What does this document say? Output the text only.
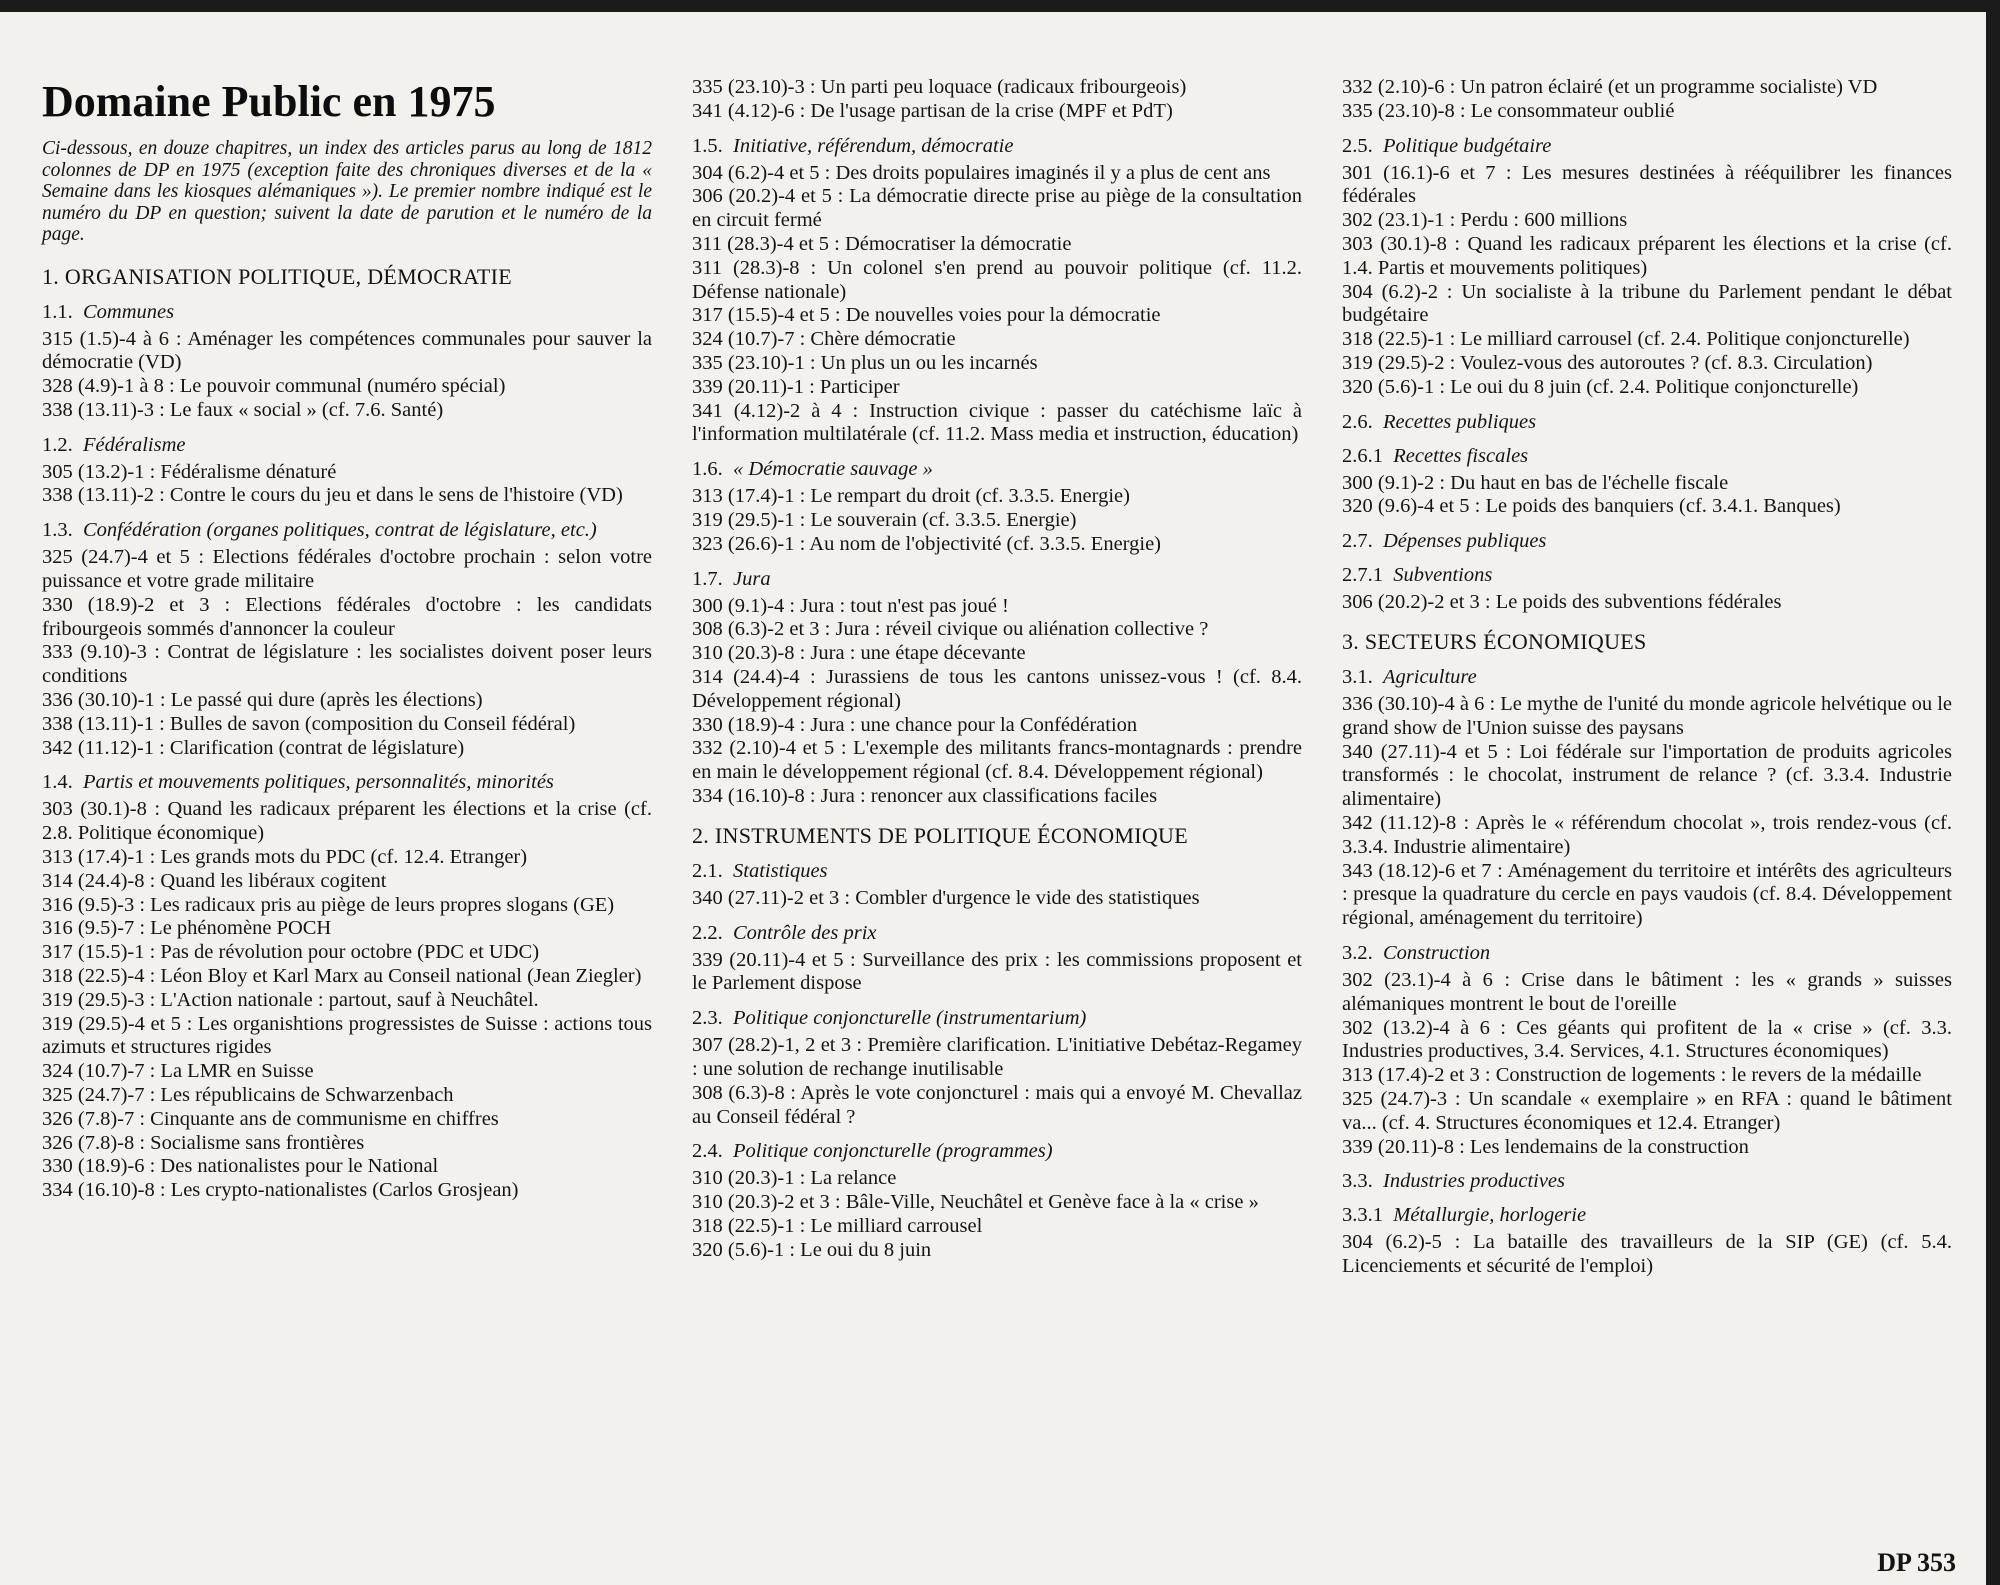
Domaine Public en 1975

Ci-dessous, en douze chapitres, un index des articles parus au long de 1812 colonnes de DP en 1975 (exception faite des chroniques diverses et de la « Semaine dans les kiosques alémaniques »). Le premier nombre indiqué est le numéro du DP en question; suivent la date de parution et le numéro de la page.

1. ORGANISATION POLITIQUE, DÉMOCRATIE
1.1.  Communes

315 (1.5)-4 à 6 : Aménager les compétences communales pour sauver la démocratie (VD)

328 (4.9)-1 à 8 : Le pouvoir communal (numéro spécial)

338 (13.11)-3 : Le faux « social » (cf. 7.6. Santé)

1.2.  Fédéralisme

305 (13.2)-1 : Fédéralisme dénaturé

338 (13.11)-2 : Contre le cours du jeu et dans le sens de l'histoire (VD)

1.3.  Confédération (organes politiques, contrat de législature, etc.)

325 (24.7)-4 et 5 : Elections fédérales d'octobre prochain : selon votre puissance et votre grade militaire

330 (18.9)-2 et 3 : Elections fédérales d'octobre : les candidats fribourgeois sommés d'annoncer la couleur

333 (9.10)-3 : Contrat de législature : les socialistes doivent poser leurs conditions

336 (30.10)-1 : Le passé qui dure (après les élections)

338 (13.11)-1 : Bulles de savon (composition du Conseil fédéral)

342 (11.12)-1 : Clarification (contrat de législature)

1.4.  Partis et mouvements politiques, personnalités, minorités

303 (30.1)-8 : Quand les radicaux préparent les élections et la crise (cf. 2.8. Politique économique)

313 (17.4)-1 : Les grands mots du PDC (cf. 12.4. Etranger)

314 (24.4)-8 : Quand les libéraux cogitent

316 (9.5)-3 : Les radicaux pris au piège de leurs propres slogans (GE)

316 (9.5)-7 : Le phénomène POCH

317 (15.5)-1 : Pas de révolution pour octobre (PDC et UDC)

318 (22.5)-4 : Léon Bloy et Karl Marx au Conseil national (Jean Ziegler)

319 (29.5)-3 : L'Action nationale : partout, sauf à Neuchâtel.

319 (29.5)-4 et 5 : Les organishtions progressistes de Suisse : actions tous azimuts et structures rigides

324 (10.7)-7 : La LMR en Suisse

325 (24.7)-7 : Les républicains de Schwarzenbach

326 (7.8)-7 : Cinquante ans de communisme en chiffres

326 (7.8)-8 : Socialisme sans frontières

330 (18.9)-6 : Des nationalistes pour le National

334 (16.10)-8 : Les crypto-nationalistes (Carlos Grosjean)

335 (23.10)-3 : Un parti peu loquace (radicaux fribourgeois)

341 (4.12)-6 : De l'usage partisan de la crise (MPF et PdT)

1.5.  Initiative, référendum, démocratie

304 (6.2)-4 et 5 : Des droits populaires imaginés il y a plus de cent ans

306 (20.2)-4 et 5 : La démocratie directe prise au piège de la consultation en circuit fermé

311 (28.3)-4 et 5 : Démocratiser la démocratie

311 (28.3)-8 : Un colonel s'en prend au pouvoir politique (cf. 11.2. Défense nationale)

317 (15.5)-4 et 5 : De nouvelles voies pour la démocratie

324 (10.7)-7 : Chère démocratie

335 (23.10)-1 : Un plus un ou les incarnés

339 (20.11)-1 : Participer

341 (4.12)-2 à 4 : Instruction civique : passer du catéchisme laïc à l'information multilatérale (cf. 11.2. Mass media et instruction, éducation)

1.6.  « Démocratie sauvage »

313 (17.4)-1 : Le rempart du droit (cf. 3.3.5. Energie)

319 (29.5)-1 : Le souverain (cf. 3.3.5. Energie)

323 (26.6)-1 : Au nom de l'objectivité (cf. 3.3.5. Energie)

1.7.  Jura

300 (9.1)-4 : Jura : tout n'est pas joué !

308 (6.3)-2 et 3 : Jura : réveil civique ou aliénation collective ?

310 (20.3)-8 : Jura : une étape décevante

314 (24.4)-4 : Jurassiens de tous les cantons unissez-vous ! (cf. 8.4. Développement régional)

330 (18.9)-4 : Jura : une chance pour la Confédération

332 (2.10)-4 et 5 : L'exemple des militants francs-montagnards : prendre en main le développement régional (cf. 8.4. Développement régional)

334 (16.10)-8 : Jura : renoncer aux classifications faciles

2. INSTRUMENTS DE POLITIQUE ÉCONOMIQUE
2.1.  Statistiques

340 (27.11)-2 et 3 : Combler d'urgence le vide des statistiques

2.2.  Contrôle des prix

339 (20.11)-4 et 5 : Surveillance des prix : les commissions proposent et le Parlement dispose

2.3.  Politique conjoncturelle (instrumentarium)

307 (28.2)-1, 2 et 3 : Première clarification. L'initiative Debétaz-Regamey : une solution de rechange inutilisable

308 (6.3)-8 : Après le vote conjoncturel : mais qui a envoyé M. Chevallaz au Conseil fédéral ?

2.4.  Politique conjoncturelle (programmes)

310 (20.3)-1 : La relance

310 (20.3)-2 et 3 : Bâle-Ville, Neuchâtel et Genève face à la « crise »

318 (22.5)-1 : Le milliard carrousel

320 (5.6)-1 : Le oui du 8 juin

332 (2.10)-6 : Un patron éclairé (et un programme socialiste) VD

335 (23.10)-8 : Le consommateur oublié

2.5.  Politique budgétaire

301 (16.1)-6 et 7 : Les mesures destinées à rééquilibrer les finances fédérales

302 (23.1)-1 : Perdu : 600 millions

303 (30.1)-8 : Quand les radicaux préparent les élections et la crise (cf. 1.4. Partis et mouvements politiques)

304 (6.2)-2 : Un socialiste à la tribune du Parlement pendant le débat budgétaire

318 (22.5)-1 : Le milliard carrousel (cf. 2.4. Politique conjoncturelle)

319 (29.5)-2 : Voulez-vous des autoroutes ? (cf. 8.3. Circulation)

320 (5.6)-1 : Le oui du 8 juin (cf. 2.4. Politique conjoncturelle)

2.6.  Recettes publiques
2.6.1  Recettes fiscales

300 (9.1)-2 : Du haut en bas de l'échelle fiscale

320 (9.6)-4 et 5 : Le poids des banquiers (cf. 3.4.1. Banques)

2.7.  Dépenses publiques
2.7.1  Subventions

306 (20.2)-2 et 3 : Le poids des subventions fédérales

3. SECTEURS ÉCONOMIQUES
3.1.  Agriculture

336 (30.10)-4 à 6 : Le mythe de l'unité du monde agricole helvétique ou le grand show de l'Union suisse des paysans

340 (27.11)-4 et 5 : Loi fédérale sur l'importation de produits agricoles transformés : le chocolat, instrument de relance ? (cf. 3.3.4. Industrie alimentaire)

342 (11.12)-8 : Après le « référendum chocolat », trois rendez-vous (cf. 3.3.4. Industrie alimentaire)

343 (18.12)-6 et 7 : Aménagement du territoire et intérêts des agriculteurs : presque la quadrature du cercle en pays vaudois (cf. 8.4. Développement régional, aménagement du territoire)

3.2.  Construction

302 (23.1)-4 à 6 : Crise dans le bâtiment : les « grands » suisses alémaniques montrent le bout de l'oreille

302 (13.2)-4 à 6 : Ces géants qui profitent de la « crise » (cf. 3.3. Industries productives, 3.4. Services, 4.1. Structures économiques)

313 (17.4)-2 et 3 : Construction de logements : le revers de la médaille

325 (24.7)-3 : Un scandale « exemplaire » en RFA : quand le bâtiment va... (cf. 4. Structures économiques et 12.4. Etranger)

339 (20.11)-8 : Les lendemains de la construction

3.3.  Industries productives
3.3.1  Métallurgie, horlogerie

304 (6.2)-5 : La bataille des travailleurs de la SIP (GE) (cf. 5.4. Licenciements et sécurité de l'emploi)

DP 353
